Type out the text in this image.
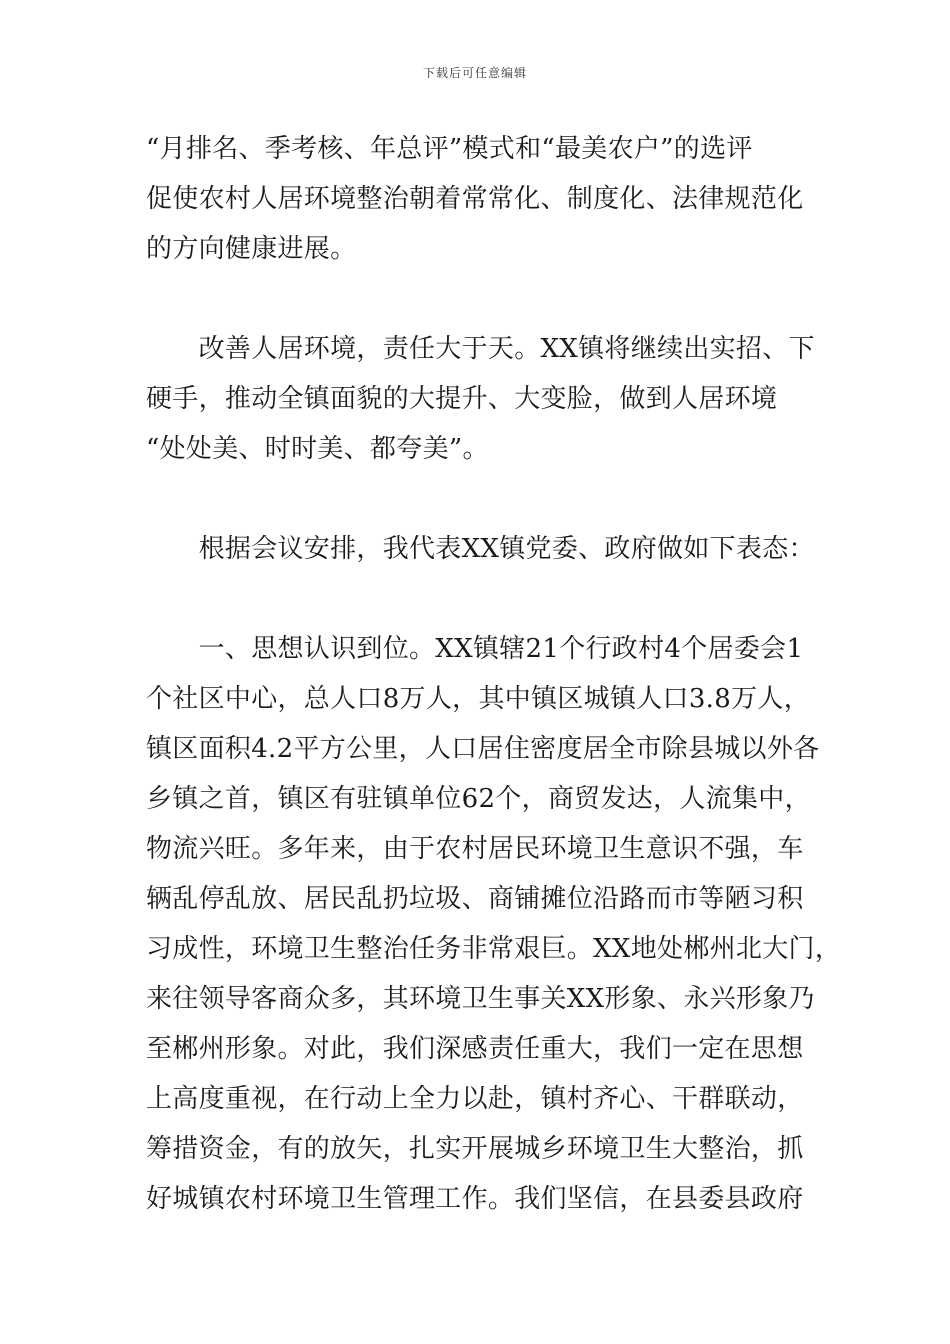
下载后可任意编辑
“月排名、季考核、年总评”模式和“最美农户”的选评
促使农村人居环境整治朝着常常化、制度化、法律规范化
的方向健康进展。
　　改善人居环境，责任大于天。XX镇将继续出实招、下
硬手，推动全镇面貌的大提升、大变脸，做到人居环境
“处处美、时时美、都夸美”。
　　根据会议安排，我代表XX镇党委、政府做如下表态：
　　一、思想认识到位。XX镇辖21个行政村4个居委会1
个社区中心，总人口8万人，其中镇区城镇人口3.8万人，
镇区面积4.2平方公里，人口居住密度居全市除县城以外各
乡镇之首，镇区有驻镇单位62个，商贸发达，人流集中，
物流兴旺。多年来，由于农村居民环境卫生意识不强，车
辆乱停乱放、居民乱扔垃圾、商铺摊位沿路而市等陋习积
习成性，环境卫生整治任务非常艰巨。XX地处郴州北大门，
来往领导客商众多，其环境卫生事关XX形象、永兴形象乃
至郴州形象。对此，我们深感责任重大，我们一定在思想
上高度重视，在行动上全力以赴，镇村齐心、干群联动，
筹措资金，有的放矢，扎实开展城乡环境卫生大整治，抓
好城镇农村环境卫生管理工作。我们坚信，在县委县政府
